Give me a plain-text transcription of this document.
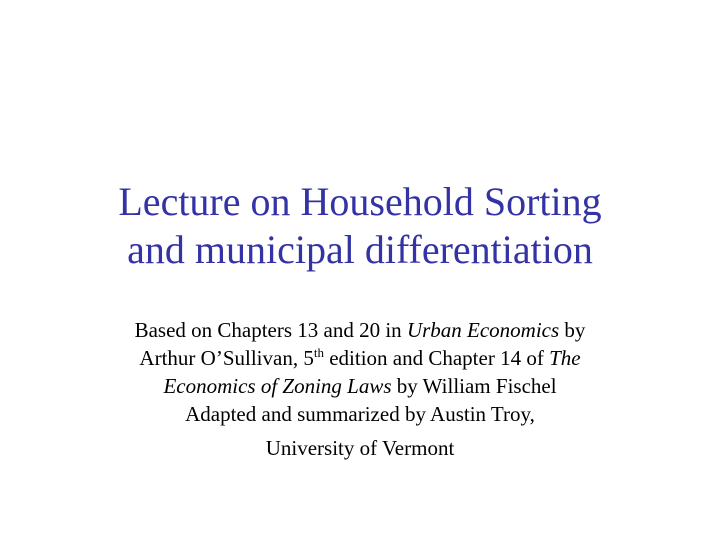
Lecture on Household Sorting
and municipal differentiation
Based on Chapters 13 and 20 in Urban Economics by
Arthur O’Sullivan, 5th edition and Chapter 14 of The
Economics of Zoning Laws by William Fischel
Adapted and summarized by Austin Troy,
University of Vermont
